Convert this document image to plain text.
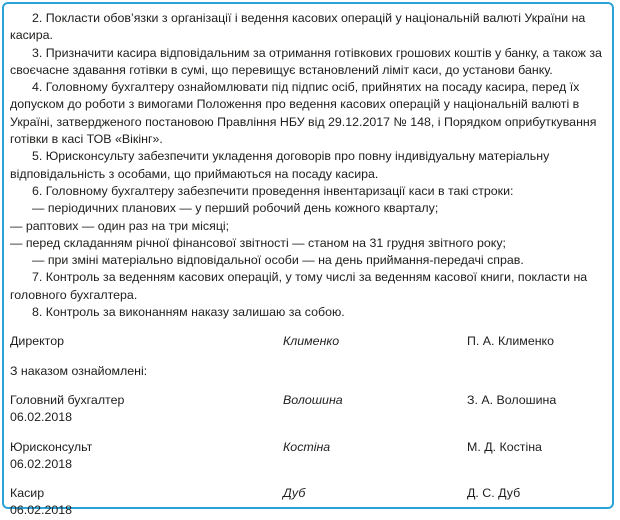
2. Покласти обов’язки з організації і ведення касових операцій у національній валюті України на касира.

3. Призначити касира відповідальним за отримання готівкових грошових коштів у банку, а також за своєчасне здавання готівки в сумі, що перевищує встановлений ліміт каси, до установи банку.

4. Головному бухгалтеру ознайомлювати під підпис осіб, прийнятих на посаду касира, перед їх допуском до роботи з вимогами Положення про ведення касових операцій у національній валюті в Україні, затвердженого постановою Правління НБУ від 29.12.2017 № 148, і Порядком оприбуткування готівки в касі ТОВ «Вікінг».

5. Юрисконсульту забезпечити укладення договорів про повну індивідуальну матеріальну відповідальність з особами, що приймаються на посаду касира.

6. Головному бухгалтеру забезпечити проведення інвентаризації каси в такі строки:

— періодичних планових — у перший робочий день кожного кварталу;

— раптових — один раз на три місяці;

— перед складанням річної фінансової звітності — станом на 31 грудня звітного року;

— при зміні матеріально відповідальної особи — на день приймання-передачі справ.

7. Контроль за веденням касових операцій, у тому числі за веденням касової книги, покласти на головного бухгалтера.

8. Контроль за виконанням наказу залишаю за собою.

Директор	Клименко	П. А. Клименко
З наказом ознайомлені:
Головний бухгалтер	Волошина	З. А. Волошина
06.02.2018
Юрисконсульт	Костіна	М. Д. Костіна
06.02.2018
Касир	Дуб	Д. С. Дуб
06.02.2018
